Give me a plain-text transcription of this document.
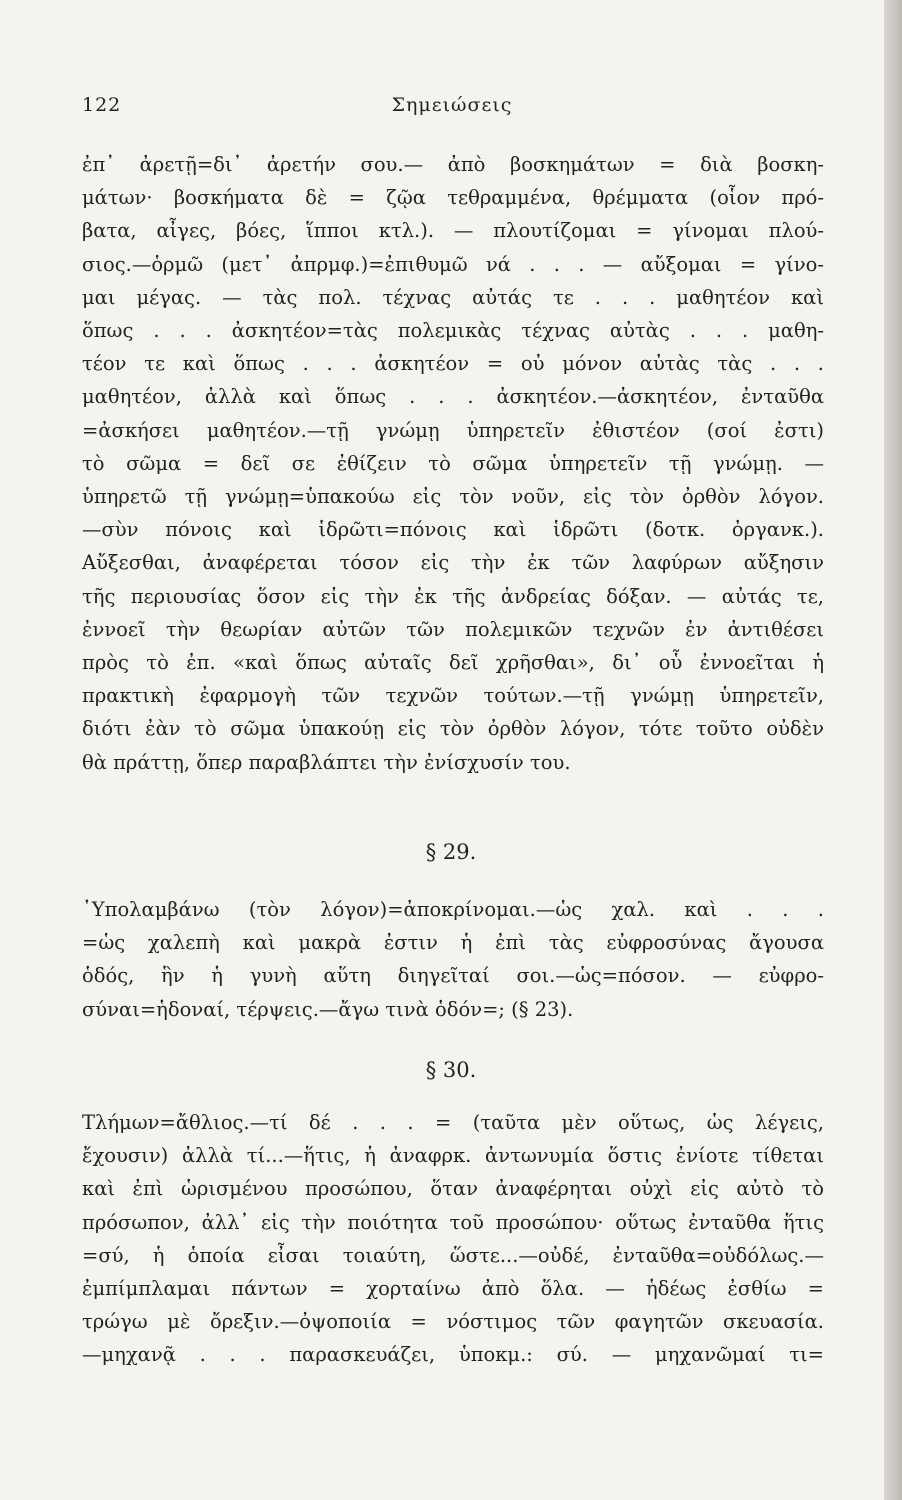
122	Σημειώσεις
ἐπ᾽ ἀρετῇ=δι᾽ ἀρετήν σου.— ἀπὸ βοσκημάτων = διὰ βοσκη-
μάτων· βοσκήματα δὲ = ζῷα τεθραμμένα, θρέμματα (οἷον πρό-
βατα, αἶγες, βόες, ἵπποι κτλ.). — πλουτίζομαι = γίνομαι πλού-
σιος.—ὁρμῶ (μετ᾽ ἀπρμφ.)=ἐπιθυμῶ νά . . . — αὔξομαι = γίνο-
μαι μέγας. — τὰς πολ. τέχνας αὐτάς τε . . . μαθητέον καὶ
ὅπως . . . ἀσκητέον=τὰς πολεμικὰς τέχνας αὐτὰς . . . μαθη-
τέον τε καὶ ὅπως . . . ἀσκητέον = οὐ μόνον αὐτὰς τὰς . . .
μαθητέον, ἀλλὰ καὶ ὅπως . . . ἀσκητέον.—ἀσκητέον, ἐνταῦθα
=ἀσκήσει μαθητέον.—τῇ γνώμῃ ὑπηρετεῖν ἐθιστέον (σοί ἐστι)
τὸ σῶμα = δεῖ σε ἐθίζειν τὸ σῶμα ὑπηρετεῖν τῇ γνώμῃ. —
ὑπηρετῶ τῇ γνώμῃ=ὑπακούω εἰς τὸν νοῦν, εἰς τὸν ὀρθὸν λόγον.
—σὺν πόνοις καὶ ἱδρῶτι=πόνοις καὶ ἱδρῶτι (δοτκ. ὀργανκ.).
Αὔξεσθαι, ἀναφέρεται τόσον εἰς τὴν ἐκ τῶν λαφύρων αὔξησιν
τῆς περιουσίας ὅσον εἰς τὴν ἐκ τῆς ἀνδρείας δόξαν. — αὐτάς τε,
ἐννοεῖ τὴν θεωρίαν αὐτῶν τῶν πολεμικῶν τεχνῶν ἐν ἀντιθέσει
πρὸς τὸ ἐπ. «καὶ ὅπως αὐταῖς δεῖ χρῆσθαι», δι᾽ οὗ ἐννοεῖται ἡ
πρακτικὴ ἐφαρμογὴ τῶν τεχνῶν τούτων.—τῇ γνώμῃ ὑπηρετεῖν,
διότι ἐὰν τὸ σῶμα ὑπακούῃ εἰς τὸν ὀρθὸν λόγον, τότε τοῦτο οὐδὲν
θὰ πράττῃ, ὅπερ παραβλάπτει τὴν ἐνίσχυσίν του.
§ 29.
῾Υπολαμβάνω (τὸν λόγον)=ἀποκρίνομαι.—ὡς χαλ. καὶ . . .
=ὡς χαλεπὴ καὶ μακρὰ ἐστιν ἡ ἐπὶ τὰς εὐφροσύνας ἄγουσα
ὁδός, ἣν ἡ γυνὴ αὕτη διηγεῖταί σοι.—ὡς=πόσον. — εὐφρο-
σύναι=ἡδοναί, τέρψεις.—ἄγω τινὰ ὁδόν=; (§ 23).
§ 30.
Τλήμων=ἄθλιος.—τί δέ . . . = (ταῦτα μὲν οὕτως, ὡς λέγεις,
ἔχουσιν) ἀλλὰ τί...—ἥτις, ἡ ἀναφρκ. ἀντωνυμία ὅστις ἐνίοτε τίθεται
καὶ ἐπὶ ὡρισμένου προσώπου, ὅταν ἀναφέρηται οὐχὶ εἰς αὐτὸ τὸ
πρόσωπον, ἀλλ᾽ εἰς τὴν ποιότητα τοῦ προσώπου· οὕτως ἐνταῦθα ἥτις
=σύ, ἡ ὁποία εἶσαι τοιαύτη, ὥστε...—οὐδέ, ἐνταῦθα=οὐδόλως.—
ἐμπίμπλαμαι πάντων = χορταίνω ἀπὸ ὅλα. — ἡδέως ἐσθίω =
τρώγω μὲ ὄρεξιν.—ὀψοποιία = νόστιμος τῶν φαγητῶν σκευασία.
—μηχανᾷ . . . παρασκευάζει, ὑποκμ.: σύ. — μηχανῶμαί τι=
